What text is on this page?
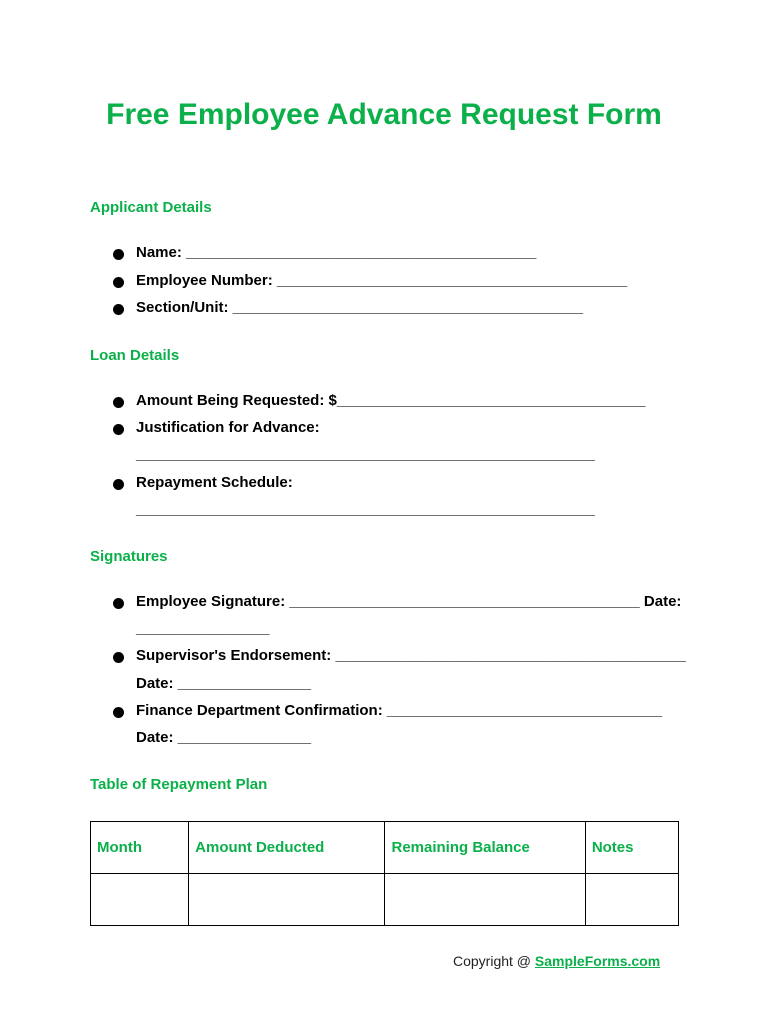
Free Employee Advance Request Form
Applicant Details
Name: __________________________________________
Employee Number: __________________________________________
Section/Unit: __________________________________________
Loan Details
Amount Being Requested: $_____________________________________
Justification for Advance:
_______________________________________________________
Repayment Schedule:
_______________________________________________________
Signatures
Employee Signature: __________________________________________ Date:
________________
Supervisor's Endorsement: __________________________________________
Date: ________________
Finance Department Confirmation: _________________________________
Date: ________________
Table of Repayment Plan
Month	Amount Deducted	Remaining Balance	Notes

Copyright @ SampleForms.com
